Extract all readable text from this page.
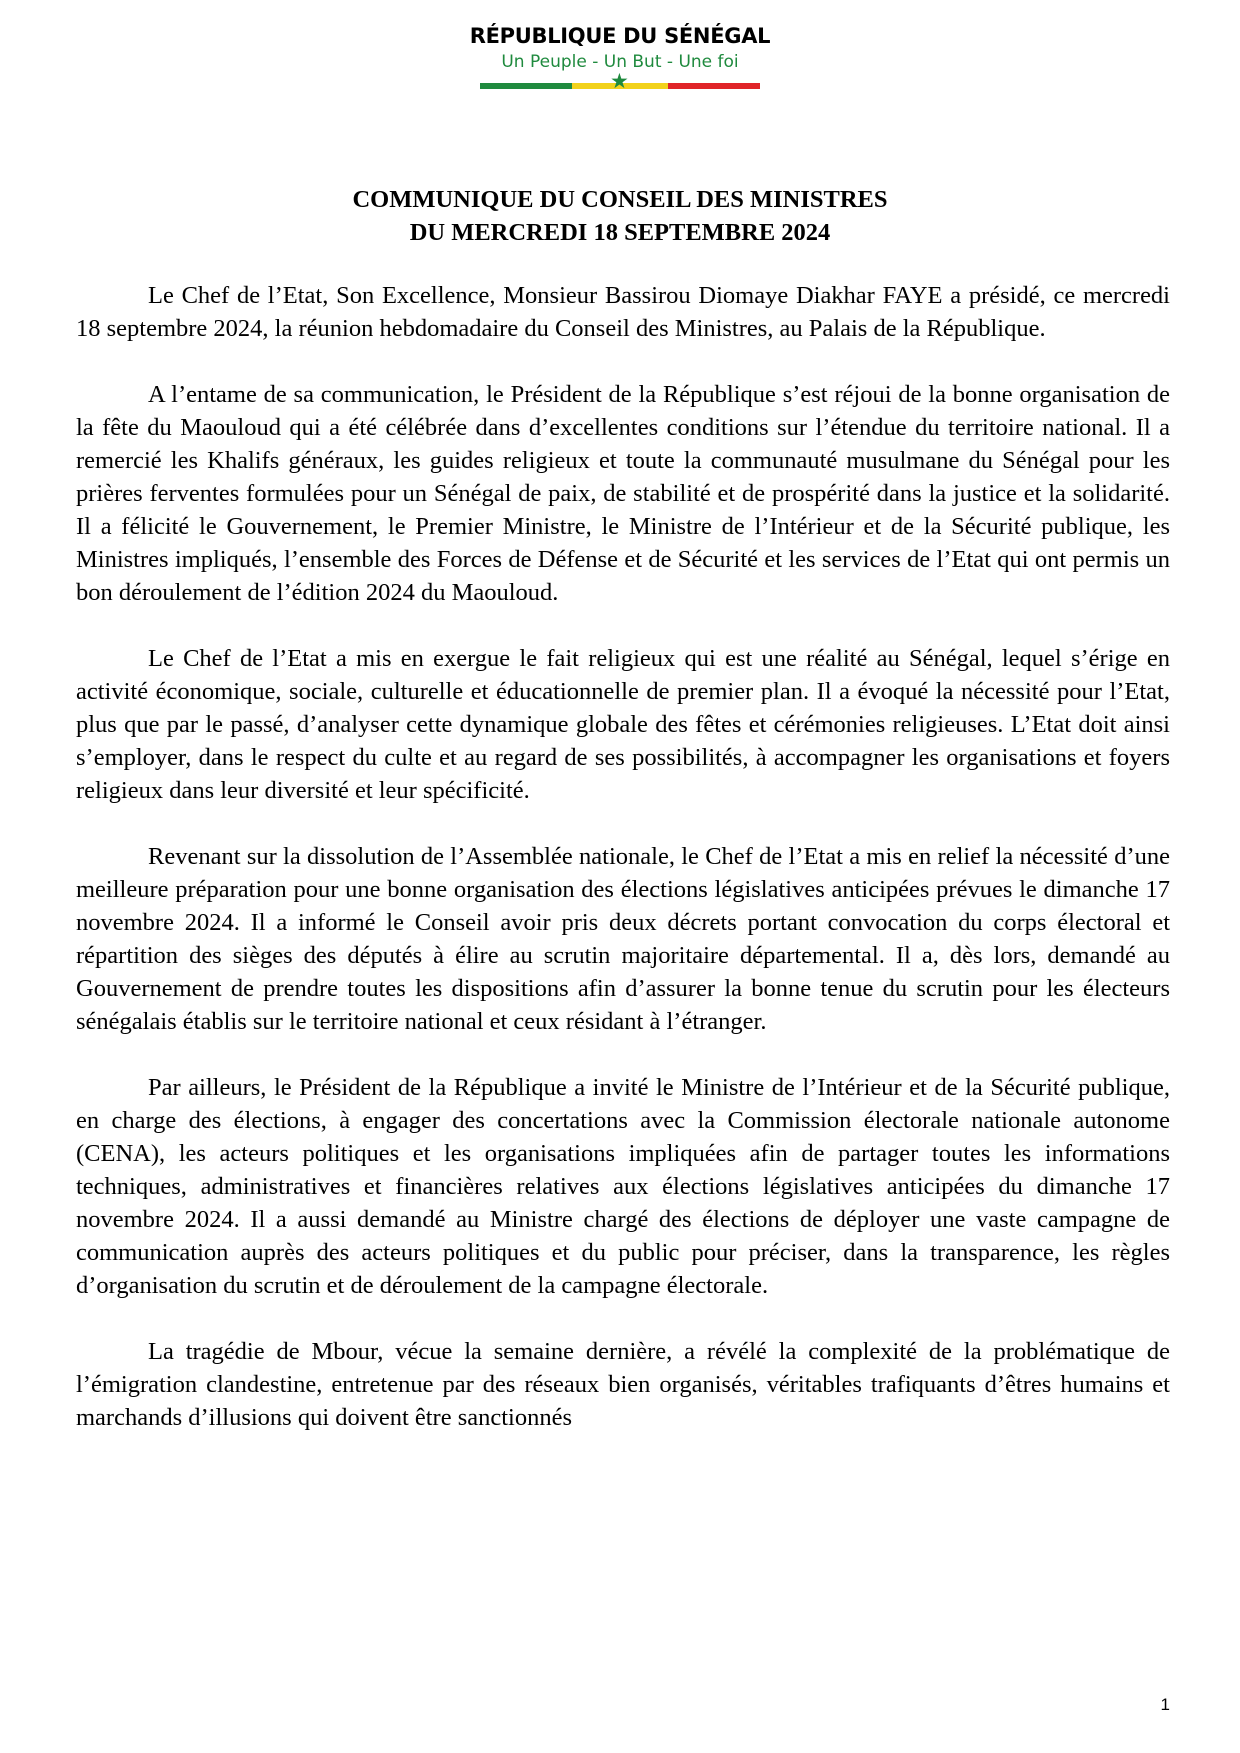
RÉPUBLIQUE DU SÉNÉGAL
Un Peuple - Un But - Une foi
★
COMMUNIQUE DU CONSEIL DES MINISTRES
DU MERCREDI 18 SEPTEMBRE 2024

Le Chef de l’Etat, Son Excellence, Monsieur Bassirou Diomaye Diakhar FAYE a présidé, ce mercredi 18 septembre 2024, la réunion hebdomadaire du Conseil des Ministres, au Palais de la République.

A l’entame de sa communication, le Président de la République s’est réjoui de la bonne organisation de la fête du Maouloud qui a été célébrée dans d’excellentes conditions sur l’étendue du territoire national. Il a remercié les Khalifs généraux, les guides religieux et toute la communauté musulmane du Sénégal pour les prières ferventes formulées pour un Sénégal de paix, de stabilité et de prospérité dans la justice et la solidarité. Il a félicité le Gouvernement, le Premier Ministre, le Ministre de l’Intérieur et de la Sécurité publique, les Ministres impliqués, l’ensemble des Forces de Défense et de Sécurité et les services de l’Etat qui ont permis un bon déroulement de l’édition 2024 du Maouloud.

Le Chef de l’Etat a mis en exergue le fait religieux qui est une réalité au Sénégal, lequel s’érige en activité économique, sociale, culturelle et éducationnelle de premier plan. Il a évoqué la nécessité pour l’Etat, plus que par le passé, d’analyser cette dynamique globale des fêtes et cérémonies religieuses. L’Etat doit ainsi s’employer, dans le respect du culte et au regard de ses possibilités, à accompagner les organisations et foyers religieux dans leur diversité et leur spécificité.

Revenant sur la dissolution de l’Assemblée nationale, le Chef de l’Etat a mis en relief la nécessité d’une meilleure préparation pour une bonne organisation des élections législatives anticipées prévues le dimanche 17 novembre 2024. Il a informé le Conseil avoir pris deux décrets portant convocation du corps électoral et répartition des sièges des députés à élire au scrutin majoritaire départemental. Il a, dès lors, demandé au Gouvernement de prendre toutes les dispositions afin d’assurer la bonne tenue du scrutin pour les électeurs sénégalais établis sur le territoire national et ceux résidant à l’étranger.

Par ailleurs, le Président de la République a invité le Ministre de l’Intérieur et de la Sécurité publique, en charge des élections, à engager des concertations avec la Commission électorale nationale autonome (CENA), les acteurs politiques et les organisations impliquées afin de partager toutes les informations techniques, administratives et financières relatives aux élections législatives anticipées du dimanche 17 novembre 2024. Il a aussi demandé au Ministre chargé des élections de déployer une vaste campagne de communication auprès des acteurs politiques et du public pour préciser, dans la transparence, les règles d’organisation du scrutin et de déroulement de la campagne électorale.

La tragédie de Mbour, vécue la semaine dernière, a révélé la complexité de la problématique de l’émigration clandestine, entretenue par des réseaux bien organisés, véritables trafiquants d’êtres humains et marchands d’illusions qui doivent être sanctionnés

1
